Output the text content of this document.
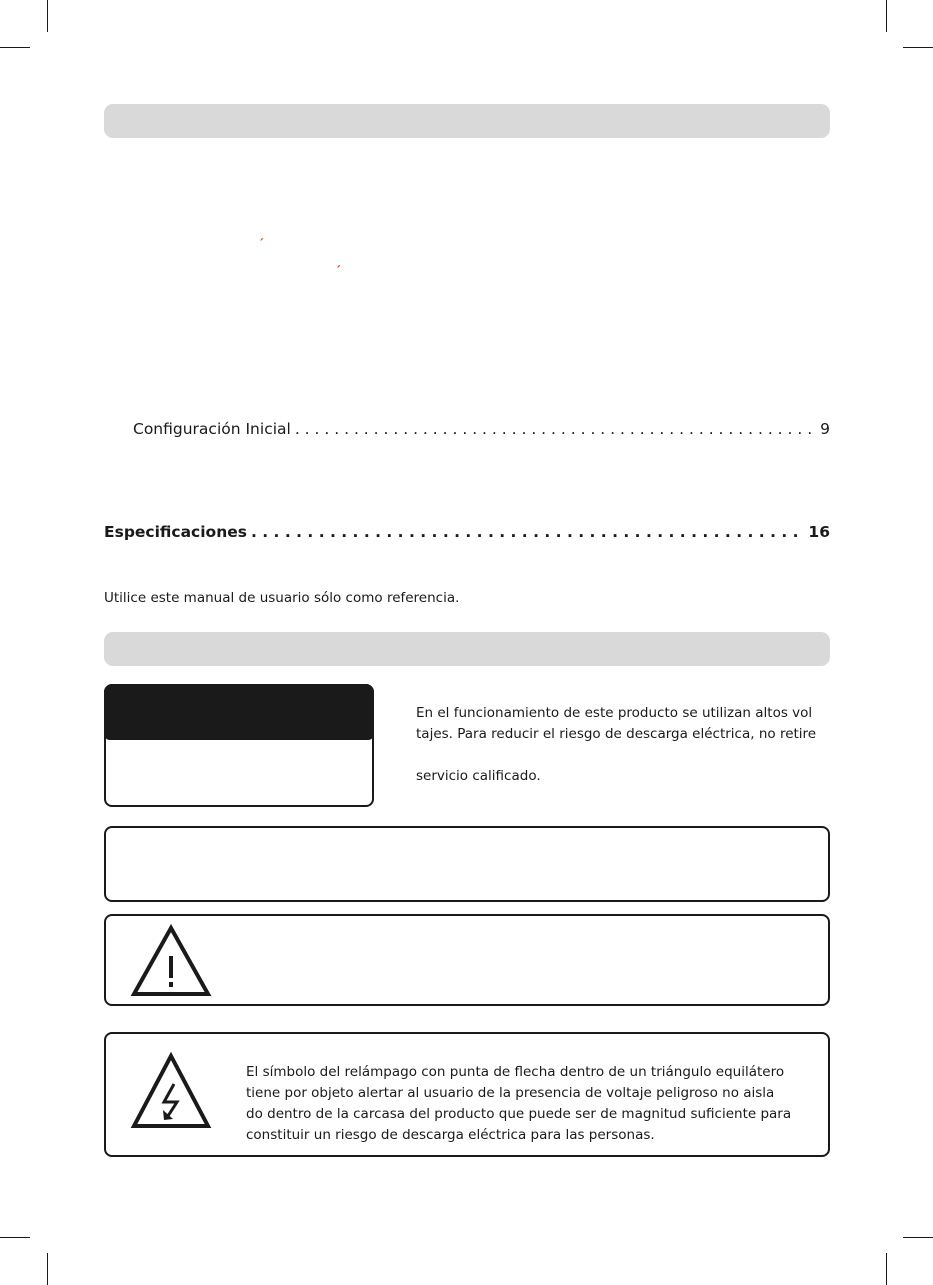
´
´
Configuración Inicial . . .	9
Especificaciones . . .	16
Utilice este manual de usuario sólo como referencia.

En el funcionamiento de este producto se utilizan altos vol

tajes. Para reducir el riesgo de descarga eléctrica, no retire

servicio calificado.

El símbolo del relámpago con punta de flecha dentro de un triángulo equilátero

tiene por objeto alertar al usuario de la presencia de voltaje peligroso no aisla

do dentro de la carcasa del producto que puede ser de magnitud suficiente para

constituir un riesgo de descarga eléctrica para las personas.
